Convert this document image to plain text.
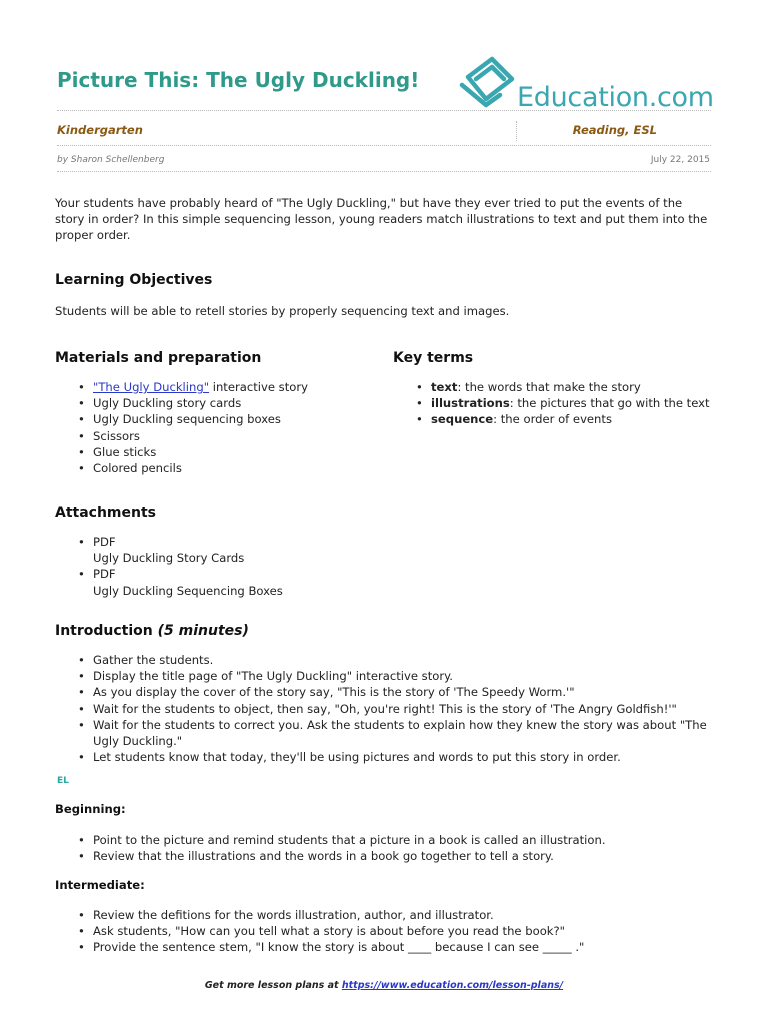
Picture This: The Ugly Duckling!
Education.com
Kindergarten	Reading, ESL
by Sharon Schellenberg	July 22, 2015

Your students have probably heard of "The Ugly Duckling," but have they ever tried to put the events of the story in order? In this simple sequencing lesson, young readers match illustrations to text and put them into the proper order.

Learning Objectives

Students will be able to retell stories by properly sequencing text and images.

Materials and preparation
• "The Ugly Duckling" interactive story
• Ugly Duckling story cards
• Ugly Duckling sequencing boxes
• Scissors
• Glue sticks
• Colored pencils
Key terms
• text: the words that make the story
• illustrations: the pictures that go with the text
• sequence: the order of events
Attachments
• PDF
Ugly Duckling Story Cards
• PDF
Ugly Duckling Sequencing Boxes
Introduction (5 minutes)
• Gather the students.
• Display the title page of "The Ugly Duckling" interactive story.
• As you display the cover of the story say, "This is the story of 'The Speedy Worm.'"
• Wait for the students to object, then say, "Oh, you're right! This is the story of 'The Angry Goldfish!'"
• Wait for the students to correct you. Ask the students to explain how they knew the story was about "The Ugly Duckling."
• Let students know that today, they'll be using pictures and words to put this story in order.
EL
Beginning:
• Point to the picture and remind students that a picture in a book is called an illustration.
• Review that the illustrations and the words in a book go together to tell a story.
Intermediate:
• Review the defitions for the words illustration, author, and illustrator.
• Ask students, "How can you tell what a story is about before you read the book?"
• Provide the sentence stem, "I know the story is about ____ because I can see _____ ."
Get more lesson plans at https://www.education.com/lesson-plans/
